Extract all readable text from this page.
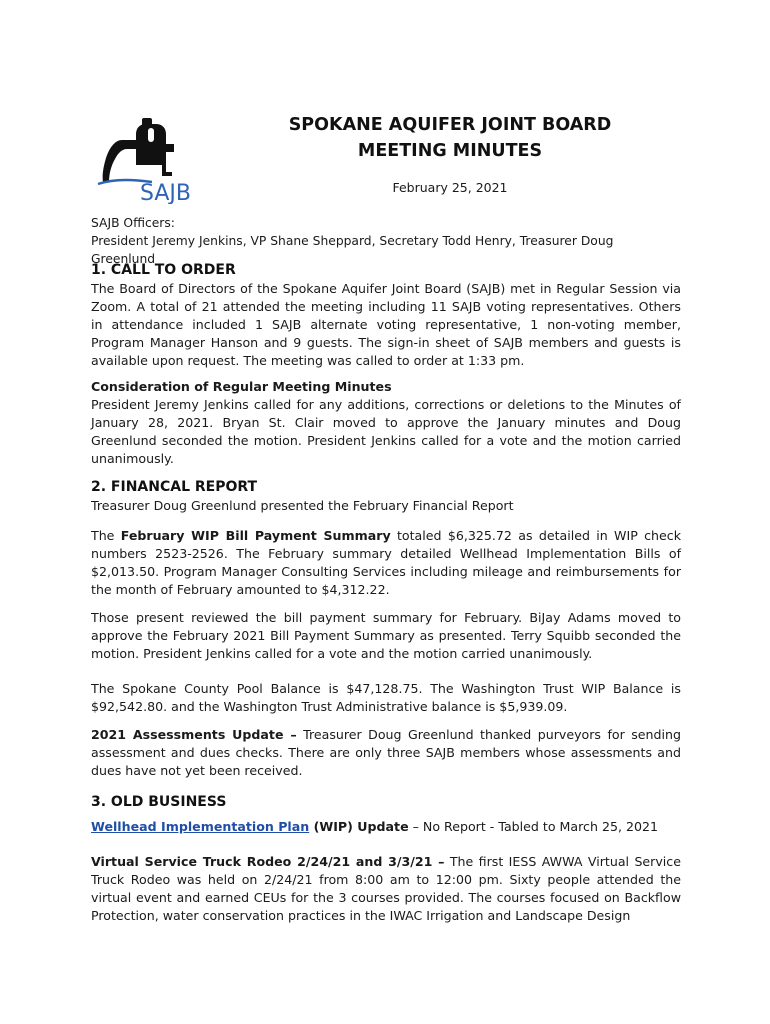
SAJB
SPOKANE AQUIFER JOINT BOARD
MEETING MINUTES
February 25, 2021

SAJB Officers:

President Jeremy Jenkins, VP Shane Sheppard, Secretary Todd Henry, Treasurer Doug Greenlund

1. CALL TO ORDER

The Board of Directors of the Spokane Aquifer Joint Board (SAJB) met in Regular Session via Zoom. A total of 21 attended the meeting including 11 SAJB voting representatives. Others in attendance included 1 SAJB alternate voting representative, 1 non-voting member, Program Manager Hanson and 9 guests. The sign-in sheet of SAJB members and guests is available upon request. The meeting was called to order at 1:33 pm.

Consideration of Regular Meeting Minutes

President Jeremy Jenkins called for any additions, corrections or deletions to the Minutes of January 28, 2021. Bryan St. Clair moved to approve the January minutes and Doug Greenlund seconded the motion. President Jenkins called for a vote and the motion carried unanimously.

2. FINANCAL REPORT

Treasurer Doug Greenlund presented the February Financial Report

The February WIP Bill Payment Summary totaled $6,325.72 as detailed in WIP check numbers 2523-2526. The February summary detailed Wellhead Implementation Bills of $2,013.50. Program Manager Consulting Services including mileage and reimbursements for the month of February amounted to $4,312.22.

Those present reviewed the bill payment summary for February. BiJay Adams moved to approve the February 2021 Bill Payment Summary as presented. Terry Squibb seconded the motion. President Jenkins called for a vote and the motion carried unanimously.

The Spokane County Pool Balance is $47,128.75. The Washington Trust WIP Balance is $92,542.80. and the Washington Trust Administrative balance is $5,939.09.

2021 Assessments Update – Treasurer Doug Greenlund thanked purveyors for sending assessment and dues checks. There are only three SAJB members whose assessments and dues have not yet been received.

3. OLD BUSINESS

Wellhead Implementation Plan (WIP) Update – No Report - Tabled to March 25, 2021

Virtual Service Truck Rodeo 2/24/21 and 3/3/21 – The first IESS AWWA Virtual Service Truck Rodeo was held on 2/24/21 from 8:00 am to 12:00 pm. Sixty people attended the virtual event and earned CEUs for the 3 courses provided. The courses focused on Backflow Protection, water conservation practices in the IWAC Irrigation and Landscape Design
